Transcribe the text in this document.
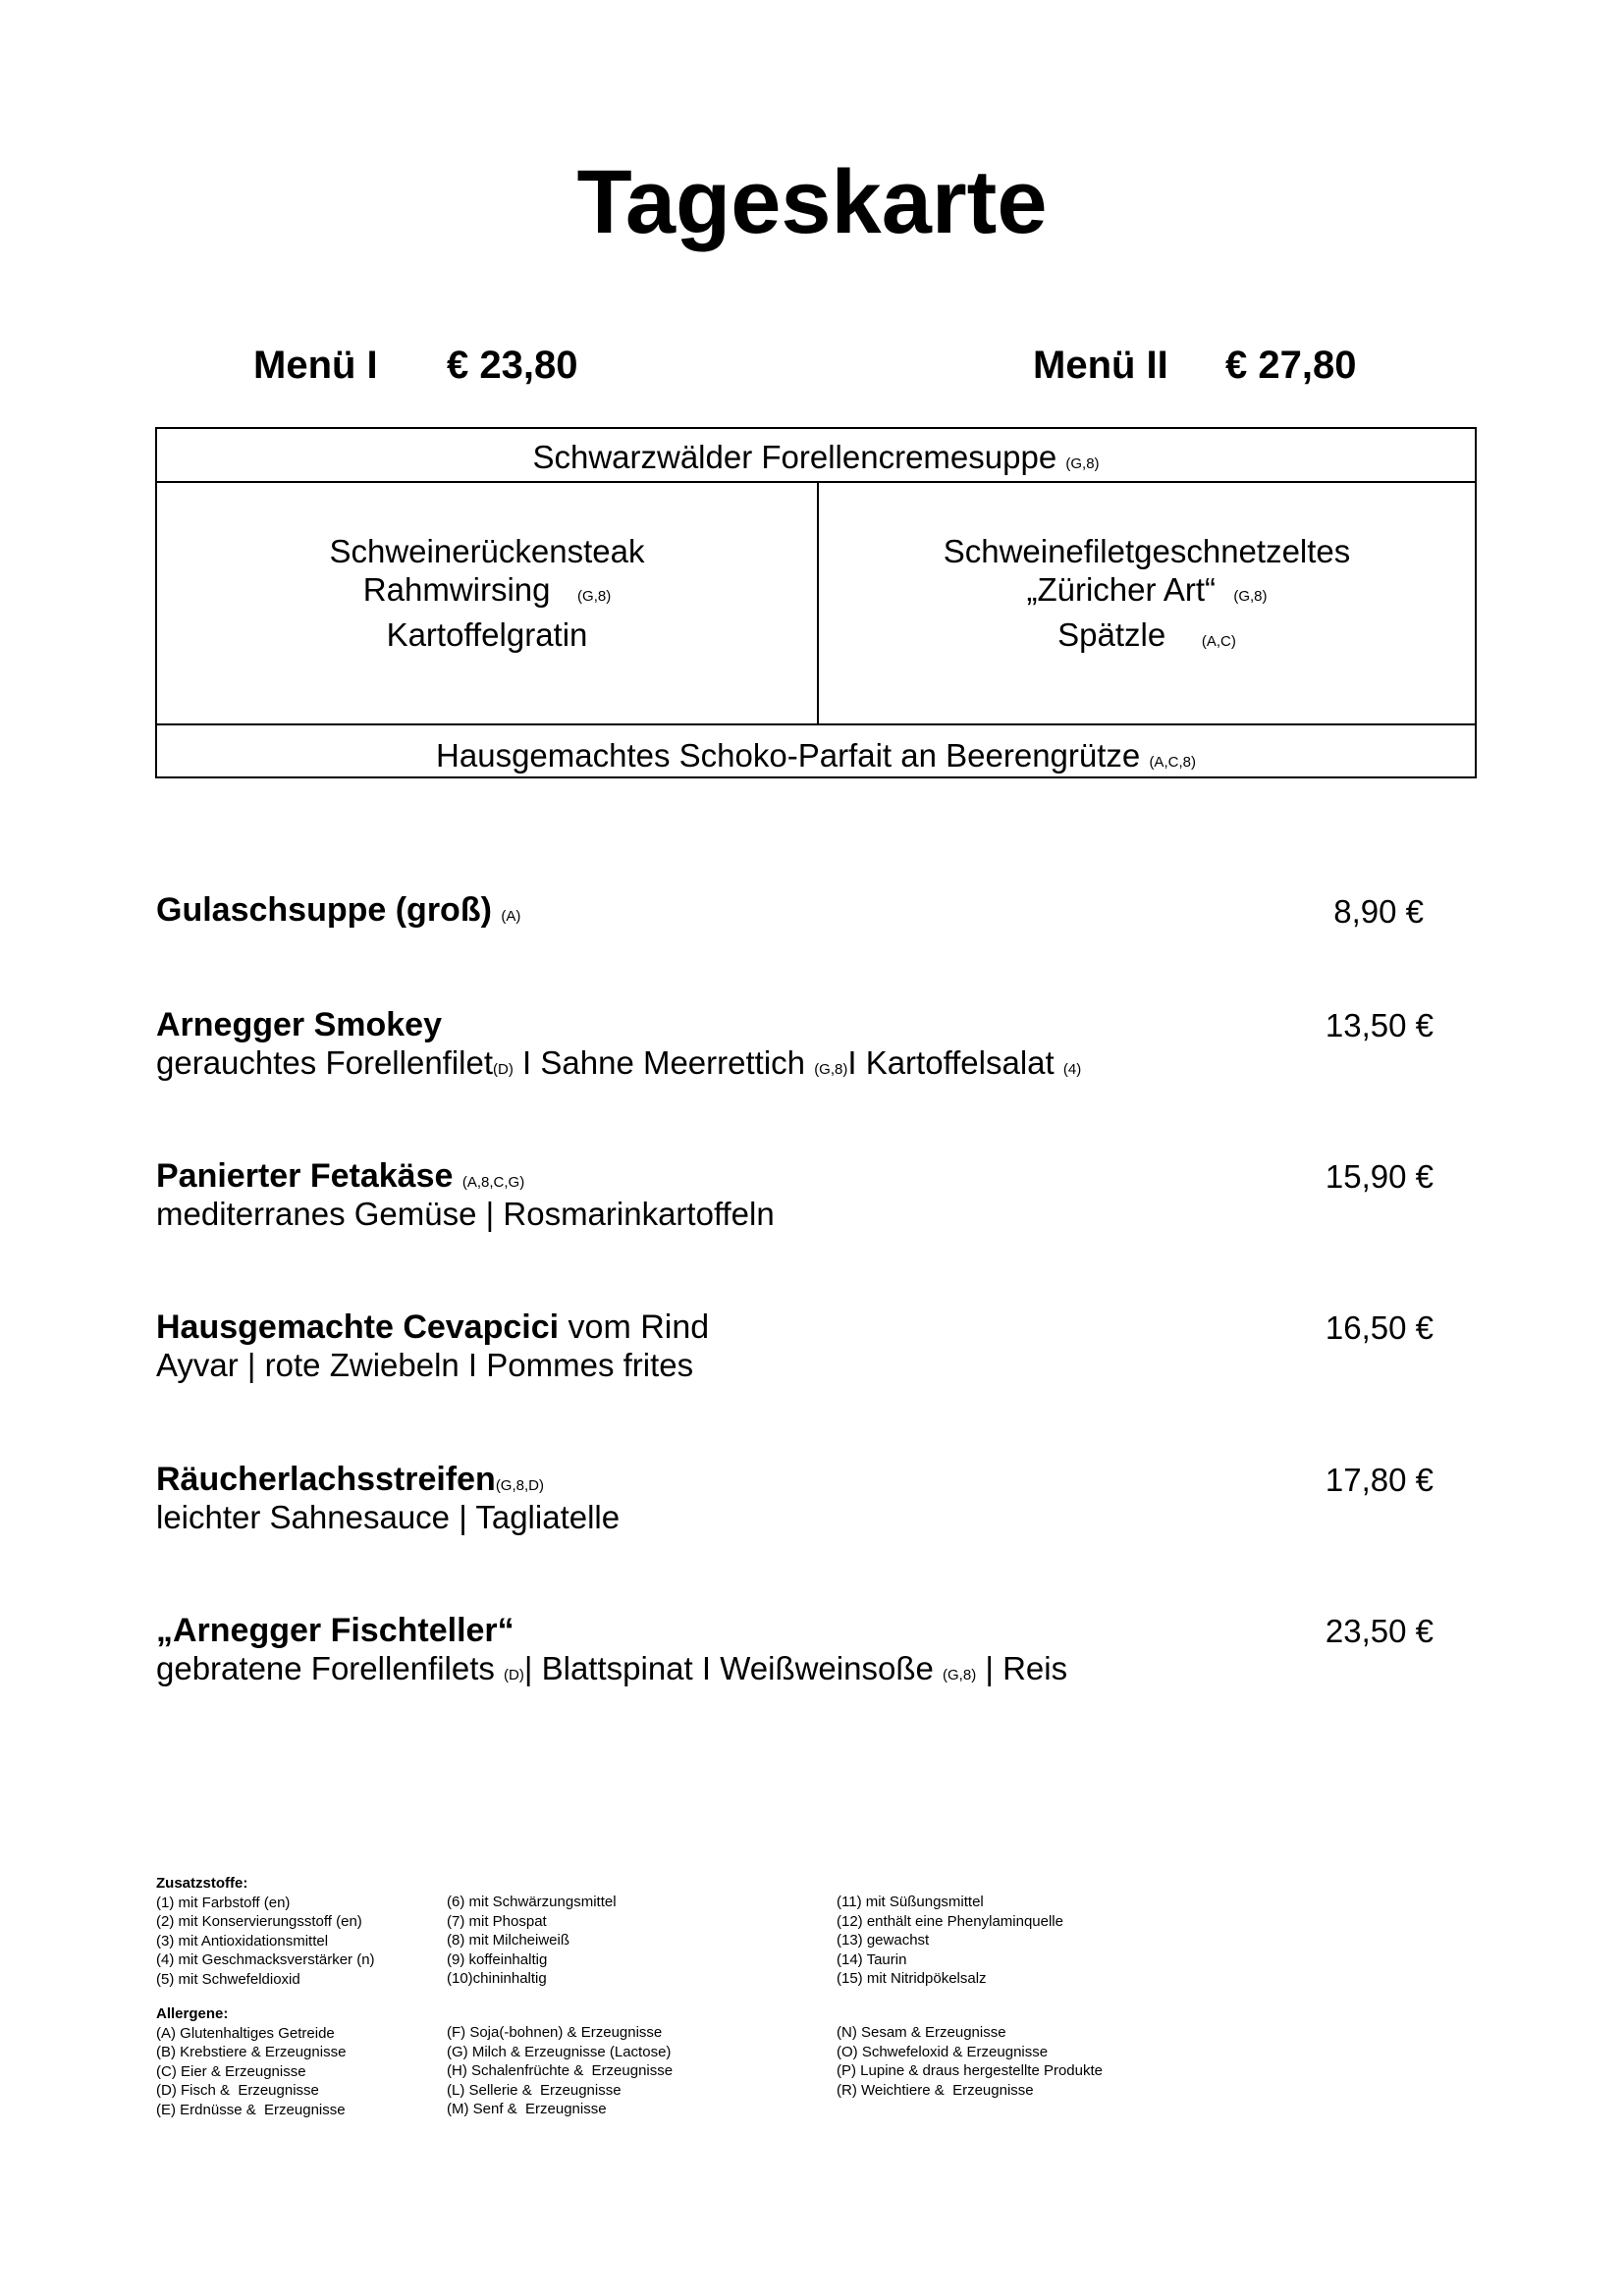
Tageskarte
Menü I € 23,80	Menü II € 27,80
Schwarzwälder Forellencremesuppe (G,8)
Schweinerückensteak
Rahmwirsing (G,8)
Kartoffelgratin
Schweinefiletgeschnetzeltes
„Züricher Art“ (G,8)
Spätzle (A,C)
Hausgemachtes Schoko-Parfait an Beerengrütze (A,C,8)
Gulaschsuppe (groß) (A)	8,90 €
Arnegger Smokey
gerauchtes Forellenfilet(D) I Sahne Meerrettich (G,8)I Kartoffelsalat (4)
13,50 €
Panierter Fetakäse (A,8,C,G)
mediterranes Gemüse | Rosmarinkartoffeln
15,90 €
Hausgemachte Cevapcici vom Rind
Ayvar | rote Zwiebeln I Pommes frites
16,50 €
Räucherlachsstreifen(G,8,D)
leichter Sahnesauce | Tagliatelle
17,80 €
„Arnegger Fischteller“
gebratene Forellenfilets (D)| Blattspinat I Weißweinsoße (G,8) | Reis
23,50 €
Zusatzstoffe:
(1) mit Farbstoff (en)
(2) mit Konservierungsstoff (en)
(3) mit Antioxidationsmittel
(4) mit Geschmacksverstärker (n)
(5) mit Schwefeldioxid
(6) mit Schwärzungsmittel
(7) mit Phospat
(8) mit Milcheiweiß
(9) koffeinhaltig
(10)chininhaltig
(11) mit Süßungsmittel
(12) enthält eine Phenylaminquelle
(13) gewachst
(14) Taurin
(15) mit Nitridpökelsalz
Allergene:
(A) Glutenhaltiges Getreide
(B) Krebstiere & Erzeugnisse
(C) Eier & Erzeugnisse
(D) Fisch &  Erzeugnisse
(E) Erdnüsse &  Erzeugnisse
(F) Soja(-bohnen) & Erzeugnisse
(G) Milch & Erzeugnisse (Lactose)
(H) Schalenfrüchte &  Erzeugnisse
(L) Sellerie &  Erzeugnisse
(M) Senf &  Erzeugnisse
(N) Sesam & Erzeugnisse
(O) Schwefeloxid & Erzeugnisse
(P) Lupine & draus hergestellte Produkte
(R) Weichtiere &  Erzeugnisse
